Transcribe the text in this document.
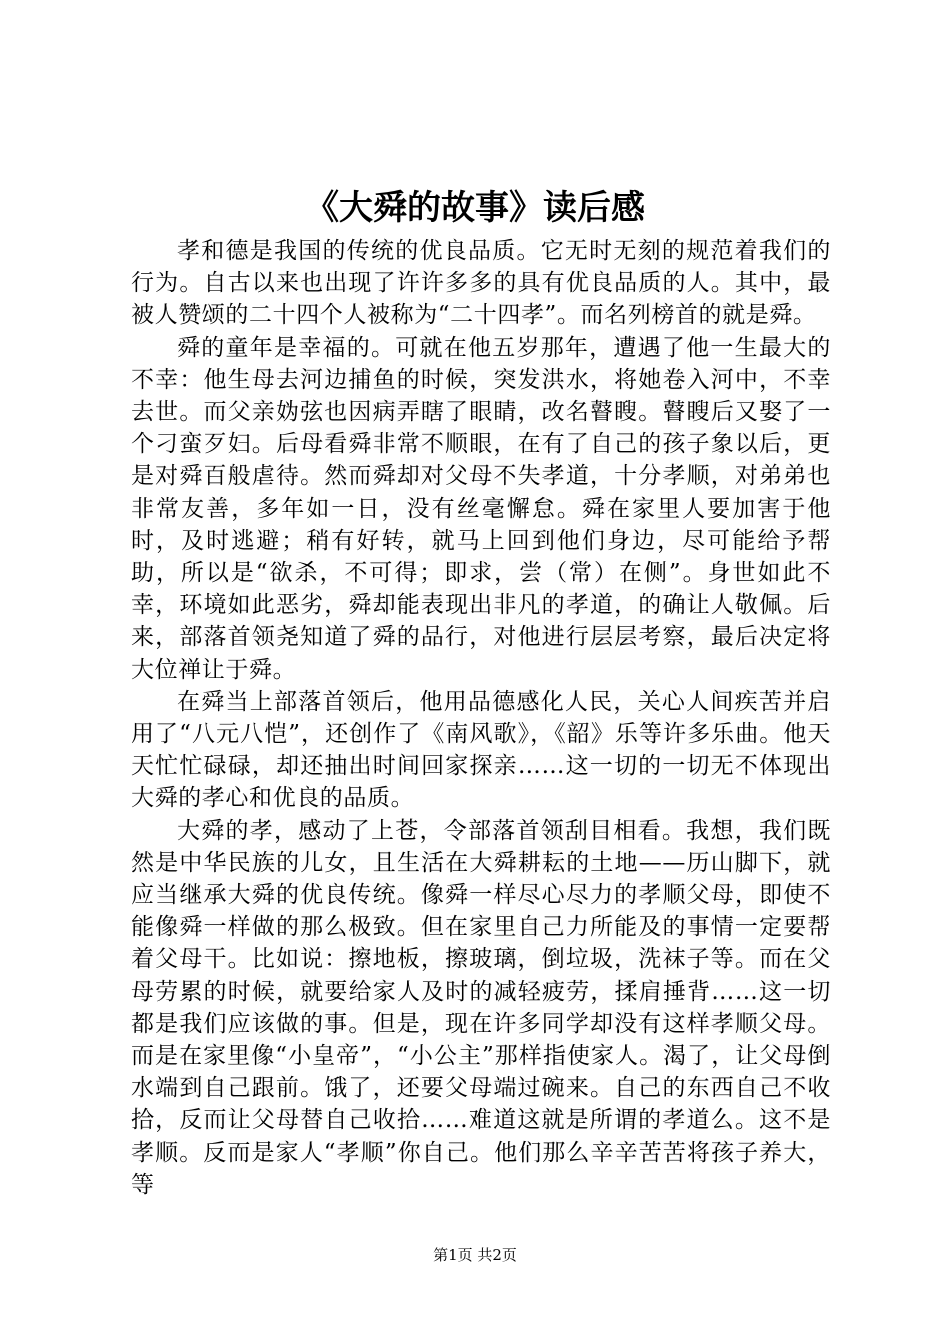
《大舜的故事》读后感

孝和德是我国的传统的优良品质。它无时无刻的规范着我们的行为。自古以来也出现了许许多多的具有优良品质的人。其中，最被人赞颂的二十四个人被称为“二十四孝”。而名列榜首的就是舜。

舜的童年是幸福的。可就在他五岁那年，遭遇了他一生最大的不幸：他生母去河边捕鱼的时候，突发洪水，将她卷入河中，不幸去世。而父亲妫弦也因病弄瞎了眼睛，改名瞽瞍。瞽瞍后又娶了一个刁蛮歹妇。后母看舜非常不顺眼，在有了自己的孩子象以后，更是对舜百般虐待。然而舜却对父母不失孝道，十分孝顺，对弟弟也非常友善，多年如一日，没有丝毫懈怠。舜在家里人要加害于他时，及时逃避；稍有好转，就马上回到他们身边，尽可能给予帮助，所以是“欲杀，不可得；即求，尝（常）在侧”。身世如此不幸，环境如此恶劣，舜却能表现出非凡的孝道，的确让人敬佩。后来，部落首领尧知道了舜的品行，对他进行层层考察，最后决定将大位禅让于舜。

在舜当上部落首领后，他用品德感化人民，关心人间疾苦并启用了“八元八恺”，还创作了《南风歌》，《韶》乐等许多乐曲。他天天忙忙碌碌，却还抽出时间回家探亲……这一切的一切无不体现出大舜的孝心和优良的品质。

大舜的孝，感动了上苍，令部落首领刮目相看。我想，我们既然是中华民族的儿女，且生活在大舜耕耘的土地——历山脚下，就应当继承大舜的优良传统。像舜一样尽心尽力的孝顺父母，即使不能像舜一样做的那么极致。但在家里自己力所能及的事情一定要帮着父母干。比如说：擦地板，擦玻璃，倒垃圾，洗袜子等。而在父母劳累的时候，就要给家人及时的减轻疲劳，揉肩捶背……这一切都是我们应该做的事。但是，现在许多同学却没有这样孝顺父母。而是在家里像“小皇帝”，“小公主”那样指使家人。渴了，让父母倒水端到自己跟前。饿了，还要父母端过碗来。自己的东西自己不收拾，反而让父母替自己收拾……难道这就是所谓的孝道么。这不是孝顺。反而是家人“孝顺”你自己。他们那么辛辛苦苦将孩子养大，等

第1页 共2页
